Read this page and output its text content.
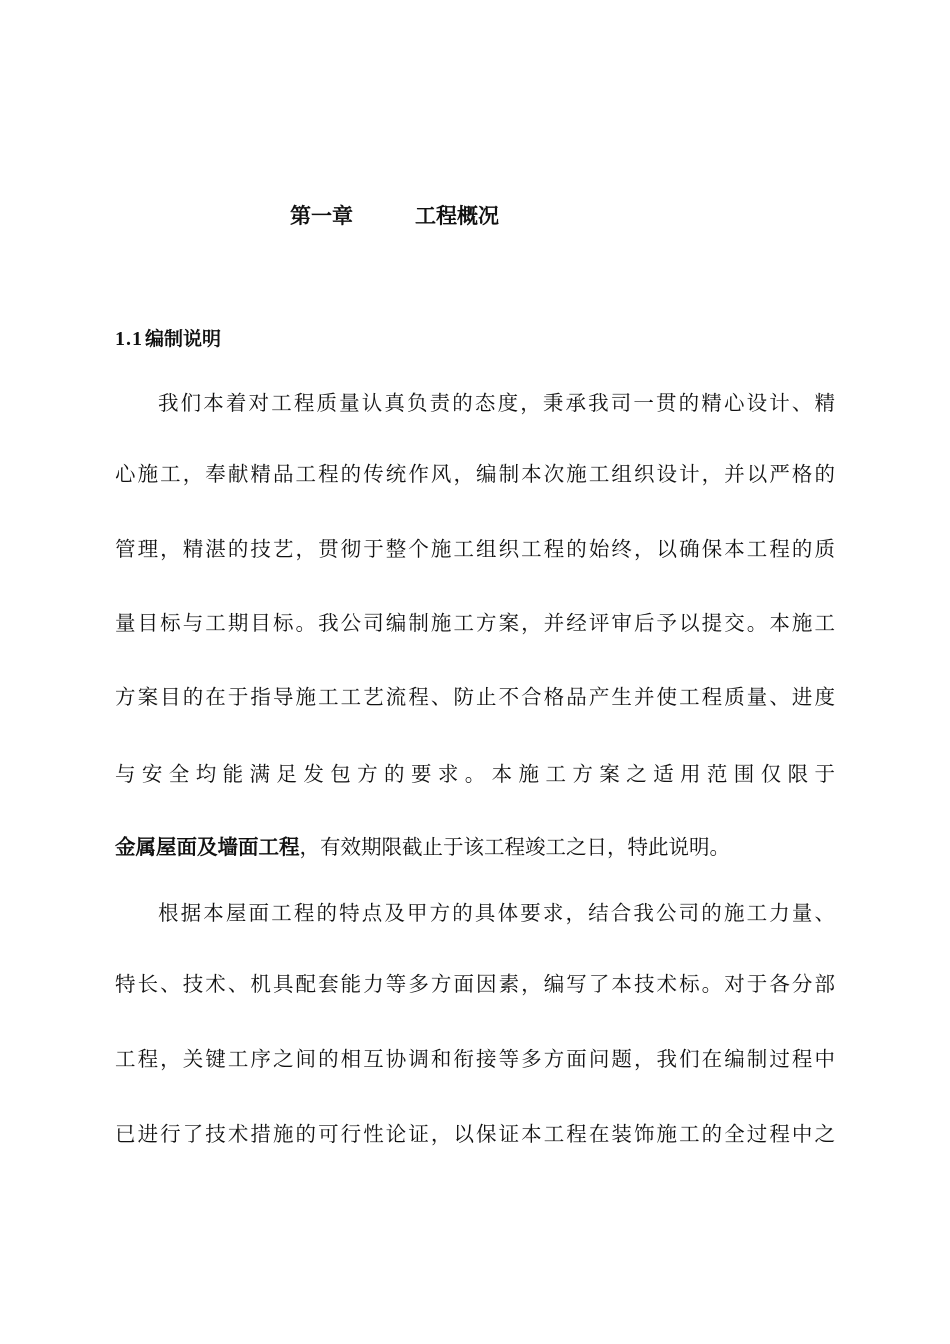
第一章	工程概况
1.1 编制说明
我们本着对工程质量认真负责的态度，秉承我司一贯的精心设计、精
心施工，奉献精品工程的传统作风，编制本次施工组织设计，并以严格的
管理，精湛的技艺，贯彻于整个施工组织工程的始终，以确保本工程的质
量目标与工期目标。我公司编制施工方案，并经评审后予以提交。本施工
方案目的在于指导施工工艺流程、防止不合格品产生并使工程质量、进度
与安全均能满足发包方的要求。本施工方案之适用范围仅限于
金属屋面及墙面工程，有效期限截止于该工程竣工之日，特此说明。
根据本屋面工程的特点及甲方的具体要求，结合我公司的施工力量、
特长、技术、机具配套能力等多方面因素，编写了本技术标。对于各分部
工程，关键工序之间的相互协调和衔接等多方面问题，我们在编制过程中
已进行了技术措施的可行性论证，以保证本工程在装饰施工的全过程中之
